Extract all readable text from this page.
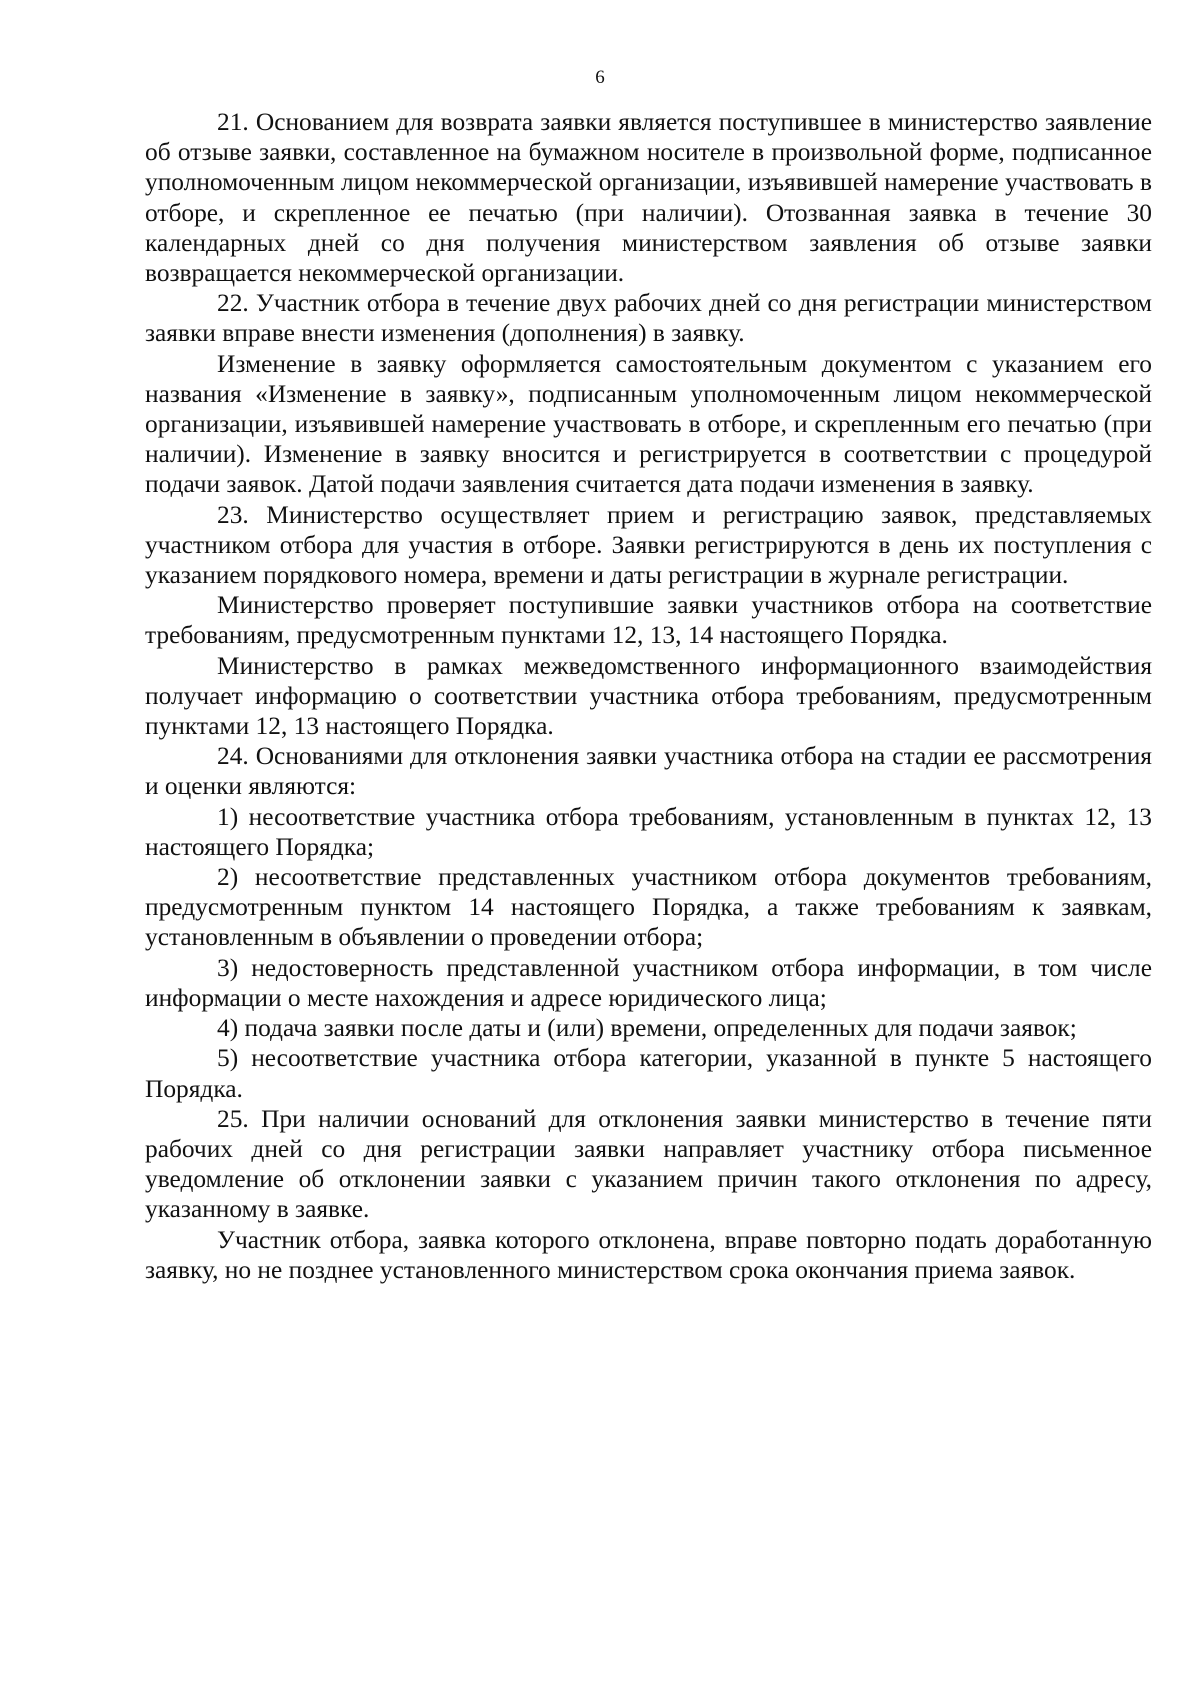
6

21. Основанием для возврата заявки является поступившее в министерство заявление об отзыве заявки, составленное на бумажном носителе в произвольной форме, подписанное уполномоченным лицом некоммерческой организации, изъявившей намерение участвовать в отборе, и скрепленное ее печатью (при наличии). Отозванная заявка в течение 30 календарных дней со дня получения министерством заявления об отзыве заявки возвращается некоммерческой организации.

22. Участник отбора в течение двух рабочих дней со дня регистрации министерством заявки вправе внести изменения (дополнения) в заявку.

Изменение в заявку оформляется самостоятельным документом с указанием его названия «Изменение в заявку», подписанным уполномоченным лицом некоммерческой организации, изъявившей намерение участвовать в отборе, и скрепленным его печатью (при наличии). Изменение в заявку вносится и регистрируется в соответствии с процедурой подачи заявок. Датой подачи заявления считается дата подачи изменения в заявку.

23. Министерство осуществляет прием и регистрацию заявок, представляемых участником отбора для участия в отборе. Заявки регистрируются в день их поступления с указанием порядкового номера, времени и даты регистрации в журнале регистрации.

Министерство проверяет поступившие заявки участников отбора на соответствие требованиям, предусмотренным пунктами 12, 13, 14 настоящего Порядка.

Министерство в рамках межведомственного информационного взаимодействия получает информацию о соответствии участника отбора требованиям, предусмотренным пунктами 12, 13 настоящего Порядка.

24. Основаниями для отклонения заявки участника отбора на стадии ее рассмотрения и оценки являются:

1) несоответствие участника отбора требованиям, установленным в пунктах 12, 13 настоящего Порядка;

2) несоответствие представленных участником отбора документов требованиям, предусмотренным пунктом 14 настоящего Порядка, а также требованиям к заявкам, установленным в объявлении о проведении отбора;

3) недостоверность представленной участником отбора информации, в том числе информации о месте нахождения и адресе юридического лица;

4) подача заявки после даты и (или) времени, определенных для подачи заявок;

5) несоответствие участника отбора категории, указанной в пункте 5 настоящего Порядка.

25. При наличии оснований для отклонения заявки министерство в течение пяти рабочих дней со дня регистрации заявки направляет участнику отбора письменное уведомление об отклонении заявки с указанием причин такого отклонения по адресу, указанному в заявке.

Участник отбора, заявка которого отклонена, вправе повторно подать доработанную заявку, но не позднее установленного министерством срока окончания приема заявок.
